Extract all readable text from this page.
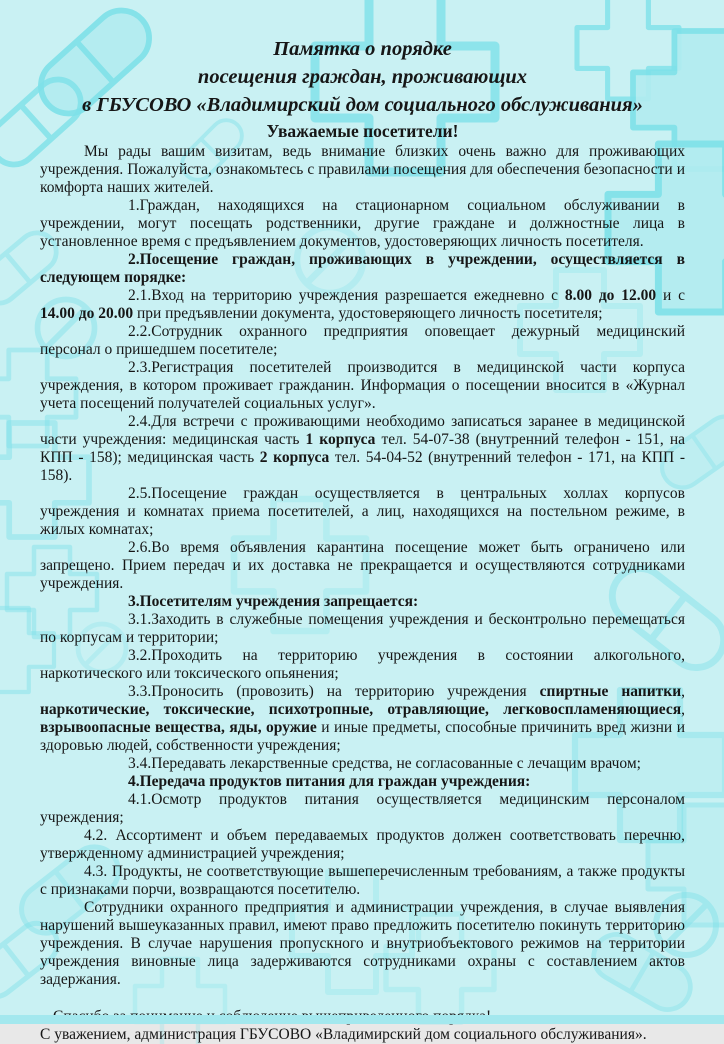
Памятка о порядке
посещения граждан, проживающих
в ГБУСОВО «Владимирский дом социального обслуживания»
Уважаемые посетители!

Мы рады вашим визитам, ведь внимание близких очень важно для проживающих учреждения. Пожалуйста, ознакомьтесь с правилами посещения для обеспечения безопасности и комфорта наших жителей.

1.Граждан, находящихся на стационарном социальном обслуживании в учреждении, могут посещать родственники, другие граждане и должностные лица в установленное время с предъявлением документов, удостоверяющих личность посетителя.

2.Посещение граждан, проживающих в учреждении, осуществляется в следующем порядке:

2.1.Вход на территорию учреждения разрешается ежедневно с 8.00 до 12.00 и с 14.00 до 20.00 при предъявлении документа, удостоверяющего личность посетителя;

2.2.Сотрудник охранного предприятия оповещает дежурный медицинский персонал о пришедшем посетителе;

2.3.Регистрация посетителей производится в медицинской части корпуса учреждения, в котором проживает гражданин. Информация о посещении вносится в «Журнал учета посещений получателей социальных услуг».

2.4.Для встречи с проживающими необходимо записаться заранее в медицинской части учреждения: медицинская часть 1 корпуса тел. 54-07-38 (внутренний телефон - 151, на КПП - 158); медицинская часть 2 корпуса тел. 54-04-52 (внутренний телефон - 171, на КПП - 158).

2.5.Посещение граждан осуществляется в центральных холлах корпусов учреждения и комнатах приема посетителей, а лиц, находящихся на постельном режиме, в жилых комнатах;

2.6.Во время объявления карантина посещение может быть ограничено или запрещено. Прием передач и их доставка не прекращается и осуществляются сотрудниками учреждения.

3.Посетителям учреждения запрещается:

3.1.Заходить в служебные помещения учреждения и бесконтрольно перемещаться по корпусам и территории;

3.2.Проходить на территорию учреждения в состоянии алкогольного, наркотического или токсического опьянения;

3.3.Проносить (провозить) на территорию учреждения спиртные напитки, наркотические, токсические, психотропные, отравляющие, легковоспламеняющиеся, взрывоопасные вещества, яды, оружие и иные предметы, способные причинить вред жизни и здоровью людей, собственности учреждения;

3.4.Передавать лекарственные средства, не согласованные с лечащим врачом;

4.Передача продуктов питания для граждан учреждения:

4.1.Осмотр продуктов питания осуществляется медицинским персоналом учреждения;

4.2. Ассортимент и объем передаваемых продуктов должен соответствовать перечню, утвержденному администрацией учреждения;

4.3. Продукты, не соответствующие вышеперечисленным требованиям, а также продукты с признаками порчи, возвращаются посетителю.

Сотрудники охранного предприятия и администрации учреждения, в случае выявления нарушений вышеуказанных правил, имеют право предложить посетителю покинуть территорию учреждения. В случае нарушения пропускного и внутриобъектового режимов на территории учреждения виновные лица задерживаются сотрудниками охраны с составлением актов задержания.

С уважением, администрация ГБУСОВО «Владимирский дом социального обслуживания».
